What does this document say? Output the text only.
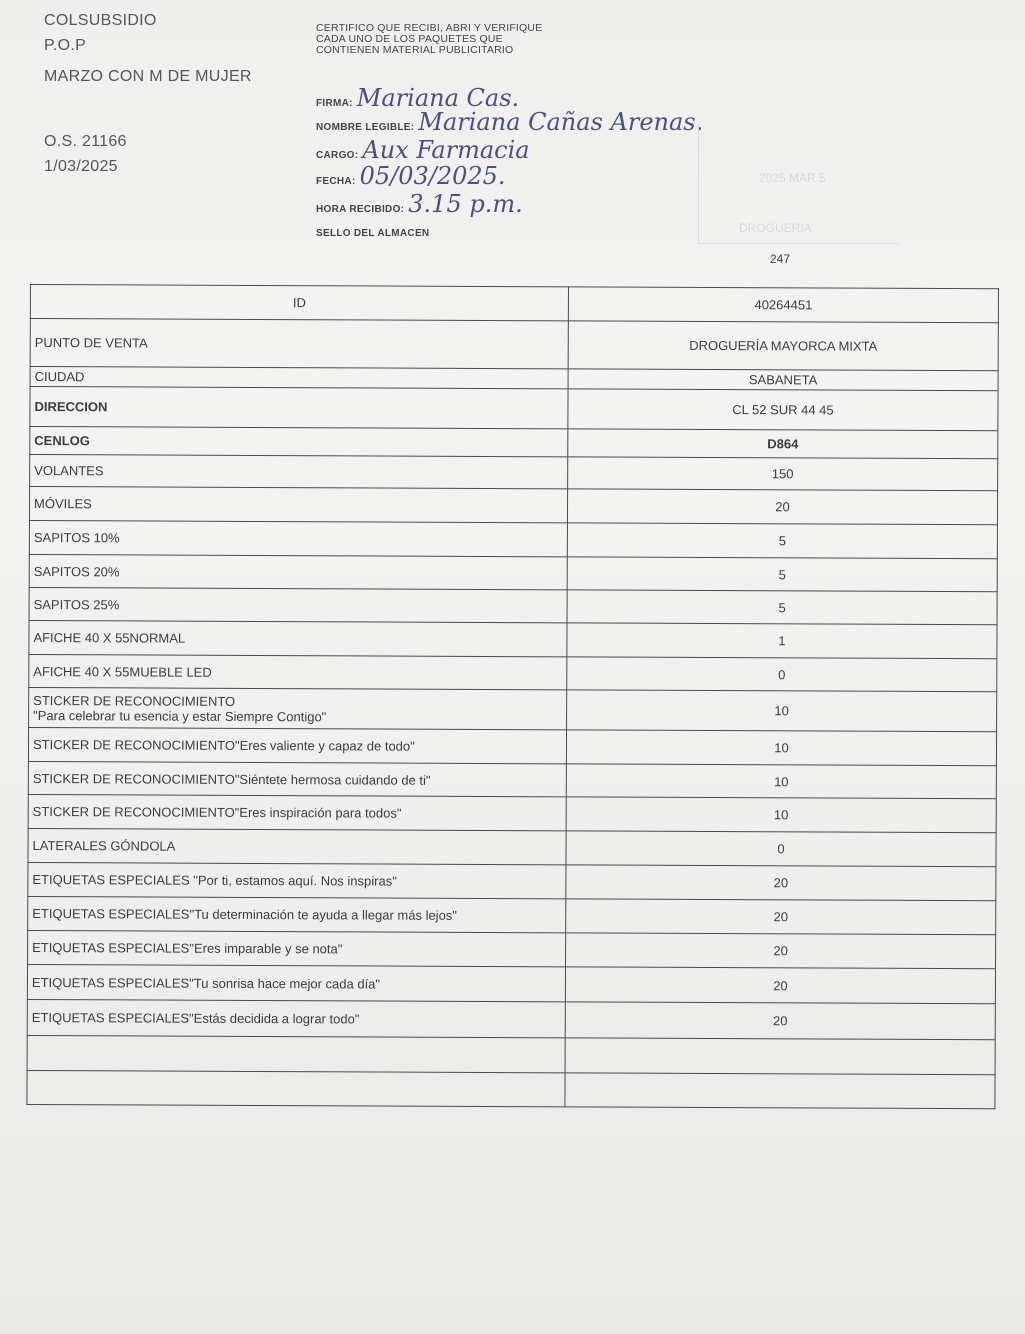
COLSUBSIDIO
P.O.P
MARZO CON M DE MUJER
O.S. 21166
1/03/2025
CERTIFICO QUE RECIBI, ABRI Y VERIFIQUE CADA UNO DE LOS PAQUETES QUE CONTIENEN MATERIAL PUBLICITARIO
FIRMA: Mariana Cas.
NOMBRE LEGIBLE: Mariana Cañas Arenas.
CARGO: Aux Farmacia
FECHA: 05/03/2025.
HORA RECIBIDO: 3.15 p.m.
SELLO DEL ALMACEN
2025 MAR 5
DROGUERIA
247
ID	40264451
PUNTO DE VENTA	DROGUERÍA MAYORCA MIXTA
CIUDAD	SABANETA
DIRECCION	CL 52 SUR 44 45
CENLOG	D864
VOLANTES	150
MÓVILES	20
SAPITOS 10%	5
SAPITOS 20%	5
SAPITOS 25%	5
AFICHE 40 X 55NORMAL	1
AFICHE 40 X 55MUEBLE LED	0

STICKER DE RECONOCIMIENTO
"Para celebrar tu esencia y estar Siempre Contigo"	10
STICKER DE RECONOCIMIENTO"Eres valiente y capaz de todo"	10
STICKER DE RECONOCIMIENTO"Siéntete hermosa cuidando de ti"	10
STICKER DE RECONOCIMIENTO"Eres inspiración para todos"	10
LATERALES GÓNDOLA	0
ETIQUETAS ESPECIALES "Por ti, estamos aquí. Nos inspiras"	20
ETIQUETAS ESPECIALES"Tu determinación te ayuda a llegar más lejos"	20
ETIQUETAS ESPECIALES"Eres imparable y se nota"	20
ETIQUETAS ESPECIALES"Tu sonrisa hace mejor cada día"	20
ETIQUETAS ESPECIALES"Estás decidida a lograr todo"	20
